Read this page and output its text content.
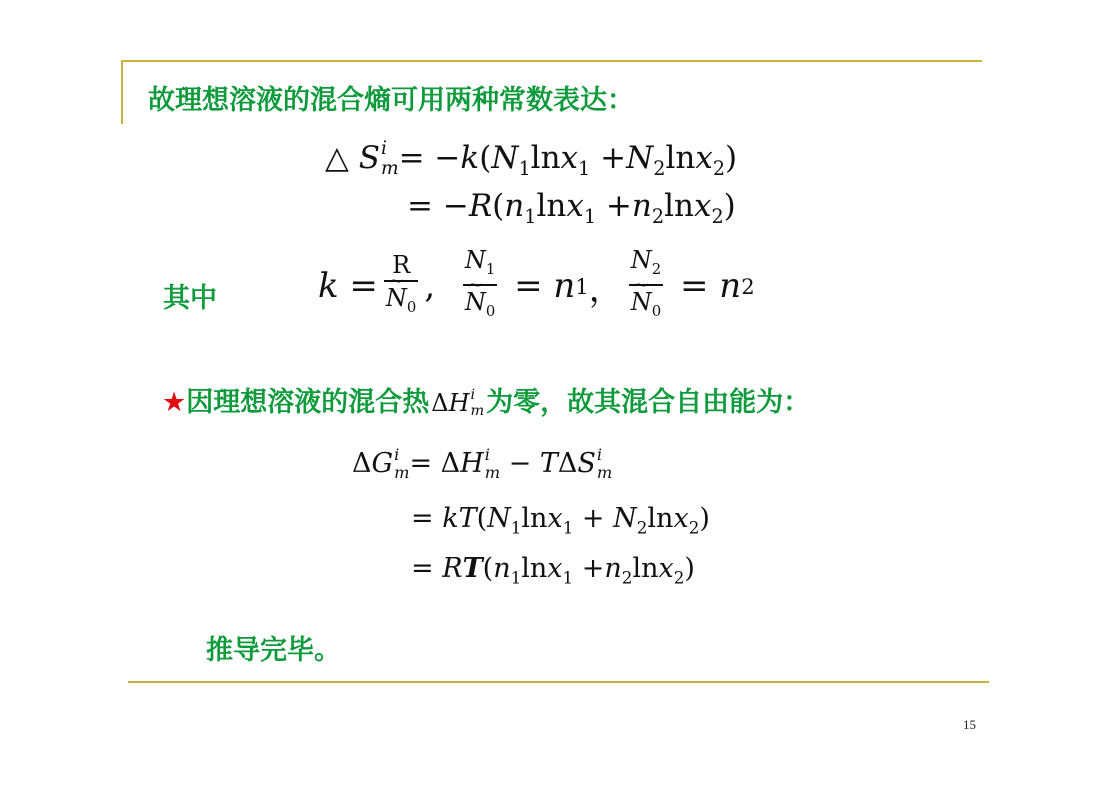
故理想溶液的混合熵可用两种常数表达：
△ S i
$m = -k(N_1\ln x_1 +N_2\ln x_2)$
= $-R(n_1\ln x_1 +n_2\ln x_2)$
其中	k = R
~ $N_0$ , $N_1$
~ $N_0 = n$ 1 ， $N_2$
~ $N_0 = n$ 2
★因理想溶液的混合热ΔH i
m 为零，故其混合自由能为：
ΔG i
m = ΔH i
m − TΔS i
m
= $kT(N_1\ln x_1 + N_2\ln x_2)$
= $RT(n_1\ln x_1 +n_2\ln x_2)$
推导完毕。
15
